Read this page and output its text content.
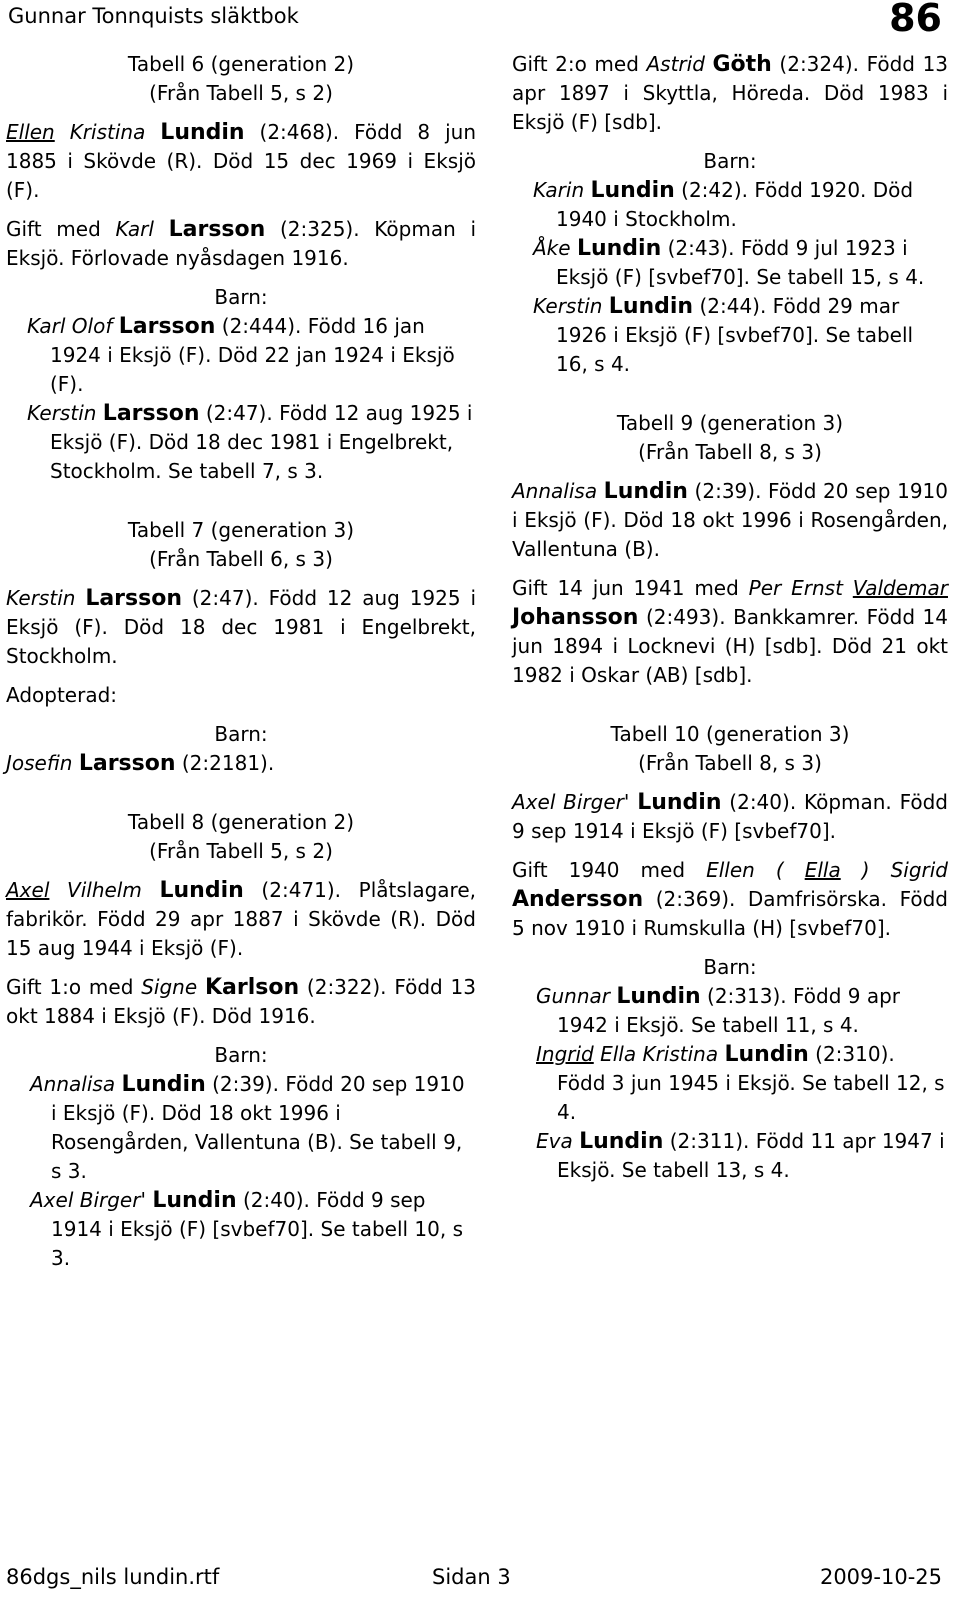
Gunnar Tonnquists släktbok	86

Tabell 6 (generation 2)

(Från Tabell 5, s 2)

Ellen Kristina Lundin (2:468). Född 8 jun 1885 i Skövde (R). Död 15 dec 1969 i Eksjö (F).

Gift med Karl Larsson (2:325). Köpman i Eksjö. Förlovade nyåsdagen 1916.

Barn:

Karl Olof Larsson (2:444). Född 16 jan 1924 i Eksjö (F). Död 22 jan 1924 i Eksjö (F).

Kerstin Larsson (2:47). Född 12 aug 1925 i Eksjö (F). Död 18 dec 1981 i Engelbrekt, Stockholm. Se tabell 7, s 3.

Tabell 7 (generation 3)

(Från Tabell 6, s 3)

Kerstin Larsson (2:47). Född 12 aug 1925 i Eksjö (F). Död 18 dec 1981 i Engelbrekt, Stockholm.

Adopterad:

Barn:

Josefin Larsson (2:2181).

Tabell 8 (generation 2)

(Från Tabell 5, s 2)

Axel Vilhelm Lundin (2:471). Plåtslagare, fabrikör. Född 29 apr 1887 i Skövde (R). Död 15 aug 1944 i Eksjö (F).

Gift 1:o med Signe Karlson (2:322). Född 13 okt 1884 i Eksjö (F). Död 1916.

Barn:

Annalisa Lundin (2:39). Född 20 sep 1910 i Eksjö (F). Död 18 okt 1996 i Rosengården, Vallentuna (B). Se tabell 9, s 3.

Axel Birger' Lundin (2:40). Född 9 sep 1914 i Eksjö (F) [svbef70]. Se tabell 10, s 3.

Gift 2:o med Astrid Göth (2:324). Född 13 apr 1897 i Skyttla, Höreda. Död 1983 i Eksjö (F) [sdb].

Barn:

Karin Lundin (2:42). Född 1920. Död 1940 i Stockholm.

Åke Lundin (2:43). Född 9 jul 1923 i Eksjö (F) [svbef70]. Se tabell 15, s 4.

Kerstin Lundin (2:44). Född 29 mar 1926 i Eksjö (F) [svbef70]. Se tabell 16, s 4.

Tabell 9 (generation 3)

(Från Tabell 8, s 3)

Annalisa Lundin (2:39). Född 20 sep 1910 i Eksjö (F). Död 18 okt 1996 i Rosengården, Vallentuna (B).

Gift 14 jun 1941 med Per Ernst Valdemar Johansson (2:493). Bankkamrer. Född 14 jun 1894 i Locknevi (H) [sdb]. Död 21 okt 1982 i Oskar (AB) [sdb].

Tabell 10 (generation 3)

(Från Tabell 8, s 3)

Axel Birger' Lundin (2:40). Köpman. Född 9 sep 1914 i Eksjö (F) [svbef70].

Gift 1940 med Ellen ( Ella ) Sigrid Andersson (2:369). Damfrisörska. Född 5 nov 1910 i Rumskulla (H) [svbef70].

Barn:

Gunnar Lundin (2:313). Född 9 apr 1942 i Eksjö. Se tabell 11, s 4.

Ingrid Ella Kristina Lundin (2:310). Född 3 jun 1945 i Eksjö. Se tabell 12, s 4.

Eva Lundin (2:311). Född 11 apr 1947 i Eksjö. Se tabell 13, s 4.

86dgs_nils lundin.rtf	Sidan 3	2009-10-25
